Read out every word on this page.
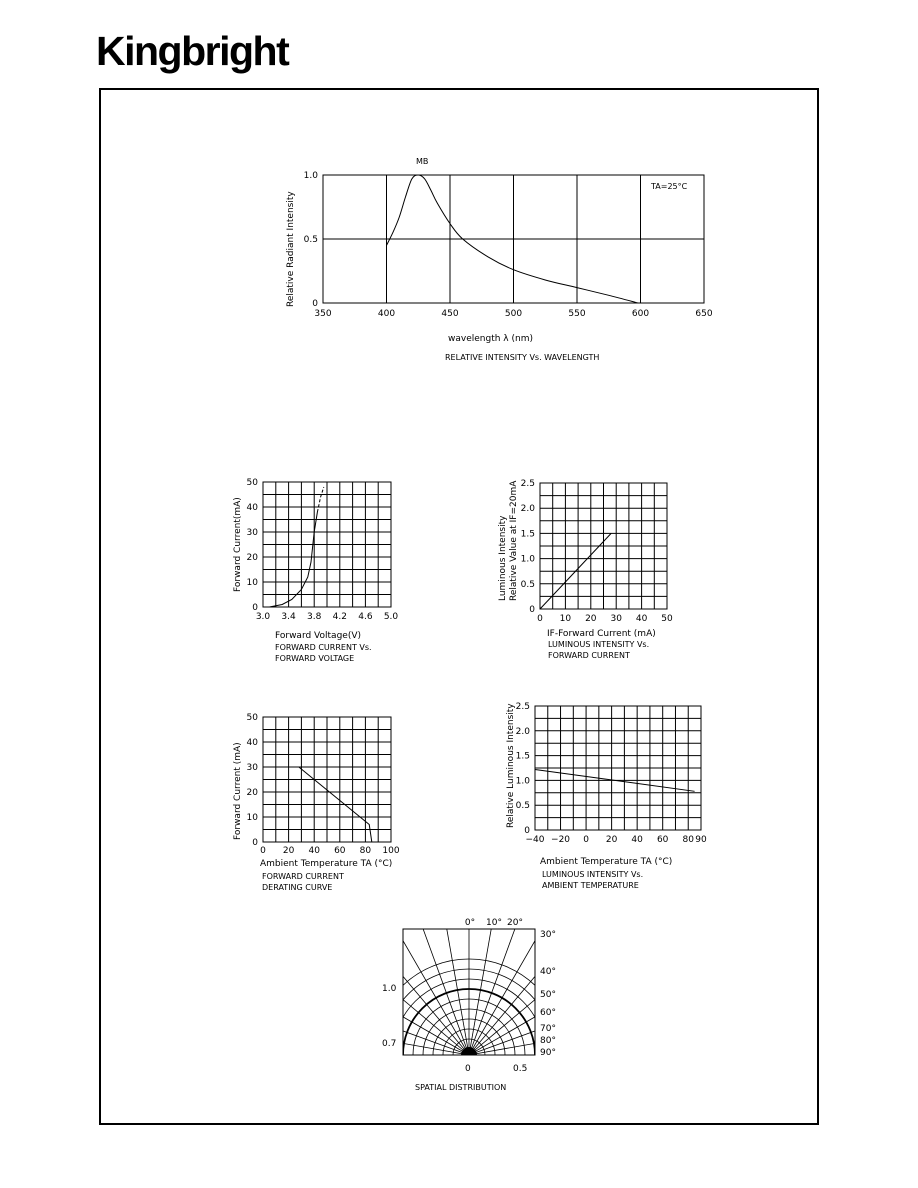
Kingbright
350	400	450	500	550	600	650
0
0.5
1.0
MB
TA=25°C
wavelength λ (nm)
Relative Radiant Intensity
RELATIVE INTENSITY Vs. WAVELENGTH
3.0 3.4 3.8 4.2 4.6 5.0
0
10
20
30
40
50
Forward Voltage(V)
Forward Current(mA)
FORWARD CURRENT Vs.
FORWARD VOLTAGE
0 10 20 30 40 50
0
0.5
1.0
1.5
2.0
2.5
IF-Forward Current (mA)
Luminous Intensity Relative Value at IF=20mA
LUMINOUS INTENSITY Vs.
FORWARD CURRENT
0 20 40 60 80 100
0
10
20
30
40
50
Ambient Temperature TA (°C)
Forward Current (mA)
FORWARD CURRENT
DERATING CURVE
−40 −20 0 20 40 60 80 90
0
0.5
1.0
1.5
2.0
2.5
Ambient Temperature TA (°C)
Relative Luminous Intensity
LUMINOUS INTENSITY Vs.
AMBIENT TEMPERATURE
0° 10° 20°
30°
40°
50°
60°
70°
80°
90°
1.0
0.7
0	0.5
SPATIAL DISTRIBUTION
